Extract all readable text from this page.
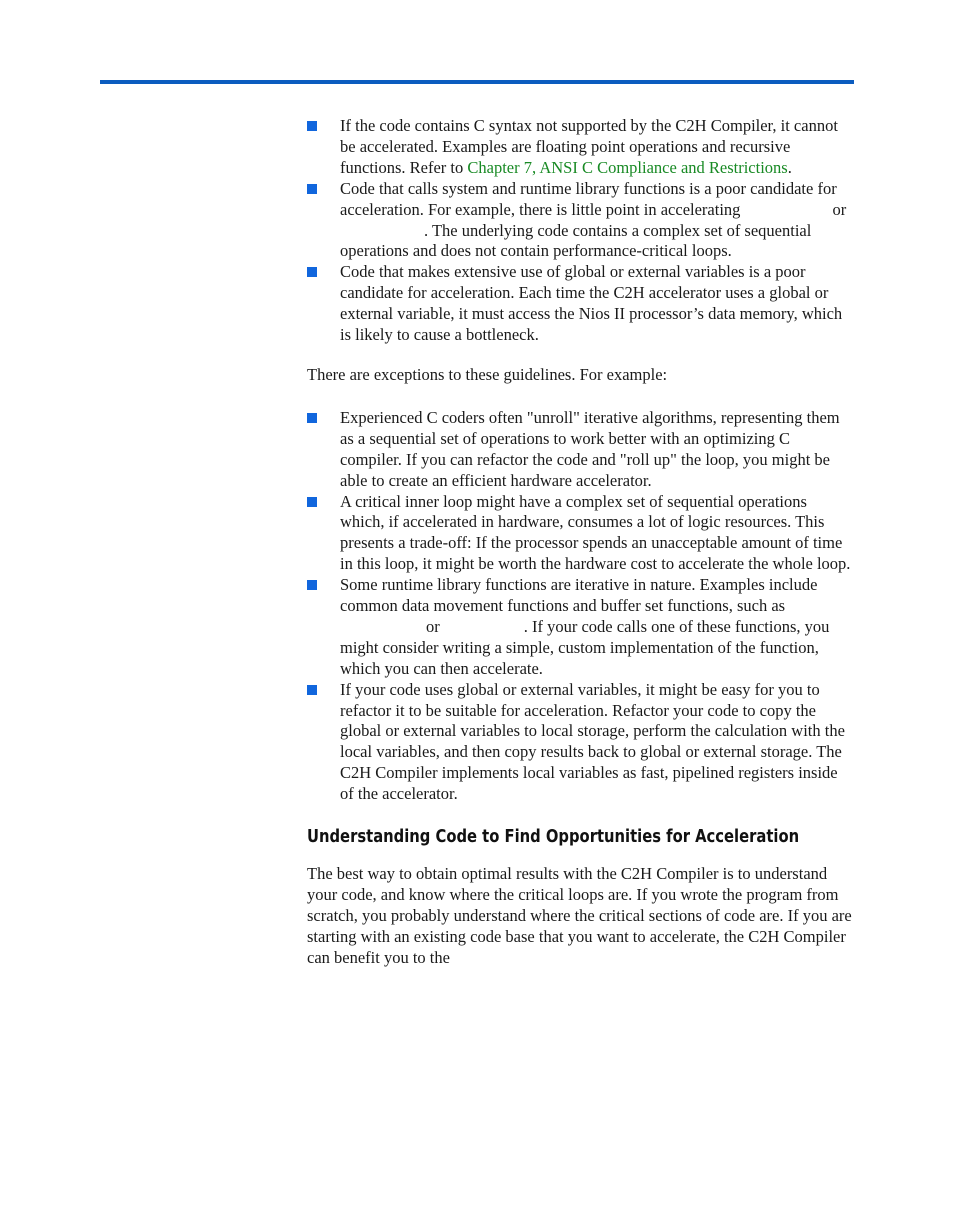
If the code contains C syntax not supported by the C2H Compiler, it cannot be accelerated. Examples are floating point operations and recursive functions. Refer to Chapter 7, ANSI C Compliance and Restrictions.
Code that calls system and runtime library functions is a poor candidate for acceleration. For example, there is little point in accelerating	or. The underlying code contains a complex set of sequential operations and does not contain performance-critical loops.
Code that makes extensive use of global or external variables is a poor candidate for acceleration. Each time the C2H accelerator uses a global or external variable, it must access the Nios II processor’s data memory, which is likely to cause a bottleneck.

There are exceptions to these guidelines. For example:

Experienced C coders often "unroll" iterative algorithms, representing them as a sequential set of operations to work better with an optimizing C compiler. If you can refactor the code and "roll up" the loop, you might be able to create an efficient hardware accelerator.
A critical inner loop might have a complex set of sequential operations which, if accelerated in hardware, consumes a lot of logic resources. This presents a trade-off: If the processor spends an unacceptable amount of time in this loop, it might be worth the hardware cost to accelerate the whole loop.
Some runtime library functions are iterative in nature. Examples include common data movement functions and buffer set functions, such as or	. If your code calls one of these functions, you might consider writing a simple, custom implementation of the function, which you can then accelerate.
If your code uses global or external variables, it might be easy for you to refactor it to be suitable for acceleration. Refactor your code to copy the global or external variables to local storage, perform the calculation with the local variables, and then copy results back to global or external storage. The C2H Compiler implements local variables as fast, pipelined registers inside of the accelerator.
Understanding Code to Find Opportunities for Acceleration

The best way to obtain optimal results with the C2H Compiler is to understand your code, and know where the critical loops are. If you wrote the program from scratch, you probably understand where the critical sections of code are. If you are starting with an existing code base that you want to accelerate, the C2H Compiler can benefit you to the
